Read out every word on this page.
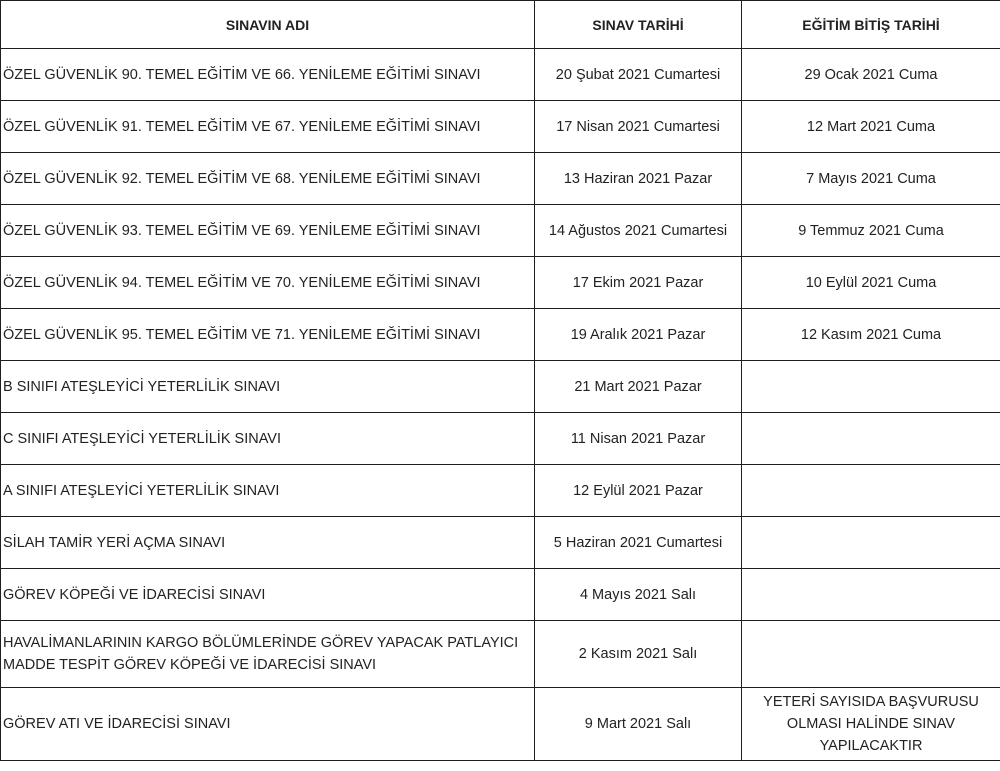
SINAVIN ADI	SINAV TARİHİ	EĞİTİM BİTİŞ TARİHİ
ÖZEL GÜVENLİK 90. TEMEL EĞİTİM VE 66. YENİLEME EĞİTİMİ SINAVI	20 Şubat 2021 Cumartesi	29 Ocak 2021 Cuma
ÖZEL GÜVENLİK 91. TEMEL EĞİTİM VE 67. YENİLEME EĞİTİMİ SINAVI	17 Nisan 2021 Cumartesi	12 Mart 2021 Cuma
ÖZEL GÜVENLİK 92. TEMEL EĞİTİM VE 68. YENİLEME EĞİTİMİ SINAVI	13 Haziran 2021 Pazar	7 Mayıs 2021 Cuma
ÖZEL GÜVENLİK 93. TEMEL EĞİTİM VE 69. YENİLEME EĞİTİMİ SINAVI	14 Ağustos 2021 Cumartesi	9 Temmuz 2021 Cuma
ÖZEL GÜVENLİK 94. TEMEL EĞİTİM VE 70. YENİLEME EĞİTİMİ SINAVI	17 Ekim 2021 Pazar	10 Eylül 2021 Cuma
ÖZEL GÜVENLİK 95. TEMEL EĞİTİM VE 71. YENİLEME EĞİTİMİ SINAVI	19 Aralık 2021 Pazar	12 Kasım 2021 Cuma
B SINIFI ATEŞLEYİCİ YETERLİLİK SINAVI	21 Mart 2021 Pazar	
C SINIFI ATEŞLEYİCİ YETERLİLİK SINAVI	11 Nisan 2021 Pazar	
A SINIFI ATEŞLEYİCİ YETERLİLİK SINAVI	12 Eylül 2021 Pazar	
SİLAH TAMİR YERİ AÇMA SINAVI	5 Haziran 2021 Cumartesi	
GÖREV KÖPEĞİ VE İDARECİSİ SINAVI	4 Mayıs 2021 Salı	
HAVALİMANLARININ KARGO BÖLÜMLERİNDE GÖREV YAPACAK PATLAYICI MADDE TESPİT GÖREV KÖPEĞİ VE İDARECİSİ SINAVI	2 Kasım 2021 Salı	
GÖREV ATI VE İDARECİSİ SINAVI	9 Mart 2021 Salı	YETERİ SAYISIDA BAŞVURUSU OLMASI HALİNDE SINAV YAPILACAKTIR
